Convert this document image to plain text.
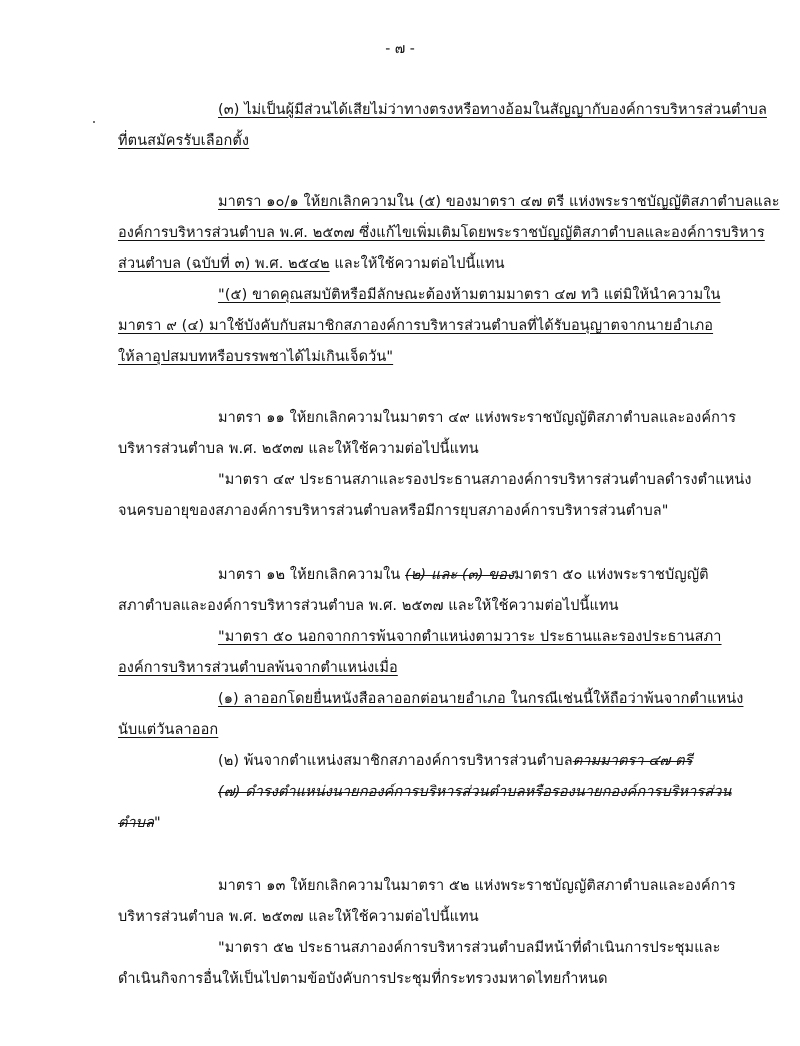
- ๗ -
(๓) ไม่เป็นผู้มีส่วนได้เสียไม่ว่าทางตรงหรือทางอ้อมในสัญญากับองค์การบริหารส่วนตำบล
ที่ตนสมัครรับเลือกตั้ง
มาตรา ๑๐/๑ ให้ยกเลิกความใน (๕) ของมาตรา ๔๗ ตรี แห่งพระราชบัญญัติสภาตำบลและ
องค์การบริหารส่วนตำบล พ.ศ. ๒๕๓๗ ซึ่งแก้ไขเพิ่มเติมโดยพระราชบัญญัติสภาตำบลและองค์การบริหาร
ส่วนตำบล (ฉบับที่ ๓) พ.ศ. ๒๕๔๒ และให้ใช้ความต่อไปนี้แทน
"(๕) ขาดคุณสมบัติหรือมีลักษณะต้องห้ามตามมาตรา ๔๗ ทวิ แต่มิให้นำความใน
มาตรา ๙ (๔) มาใช้บังคับกับสมาชิกสภาองค์การบริหารส่วนตำบลที่ได้รับอนุญาตจากนายอำเภอ
ให้ลาอุปสมบทหรือบรรพชาได้ไม่เกินเจ็ดวัน"
มาตรา ๑๑ ให้ยกเลิกความในมาตรา ๔๙ แห่งพระราชบัญญัติสภาตำบลและองค์การ
บริหารส่วนตำบล พ.ศ. ๒๕๓๗ และให้ใช้ความต่อไปนี้แทน
"มาตรา ๔๙ ประธานสภาและรองประธานสภาองค์การบริหารส่วนตำบลดำรงตำแหน่ง
จนครบอายุของสภาองค์การบริหารส่วนตำบลหรือมีการยุบสภาองค์การบริหารส่วนตำบล"
มาตรา ๑๒ ให้ยกเลิกความใน (๒) และ (๓) ของมาตรา ๕๐ แห่งพระราชบัญญัติ
สภาตำบลและองค์การบริหารส่วนตำบล พ.ศ. ๒๕๓๗ และให้ใช้ความต่อไปนี้แทน
"มาตรา ๕๐ นอกจากการพ้นจากตำแหน่งตามวาระ ประธานและรองประธานสภา
องค์การบริหารส่วนตำบลพ้นจากตำแหน่งเมื่อ
(๑) ลาออกโดยยื่นหนังสือลาออกต่อนายอำเภอ ในกรณีเช่นนี้ให้ถือว่าพ้นจากตำแหน่ง
นับแต่วันลาออก
(๒) พ้นจากตำแหน่งสมาชิกสภาองค์การบริหารส่วนตำบลตามมาตรา ๔๗ ตรี
(๗) ดำรงตำแหน่งนายกองค์การบริหารส่วนตำบลหรือรองนายกองค์การบริหารส่วน
ตำบล"
มาตรา ๑๓ ให้ยกเลิกความในมาตรา ๕๒ แห่งพระราชบัญญัติสภาตำบลและองค์การ
บริหารส่วนตำบล พ.ศ. ๒๕๓๗ และให้ใช้ความต่อไปนี้แทน
"มาตรา ๕๒ ประธานสภาองค์การบริหารส่วนตำบลมีหน้าที่ดำเนินการประชุมและ
ดำเนินกิจการอื่นให้เป็นไปตามข้อบังคับการประชุมที่กระทรวงมหาดไทยกำหนด
